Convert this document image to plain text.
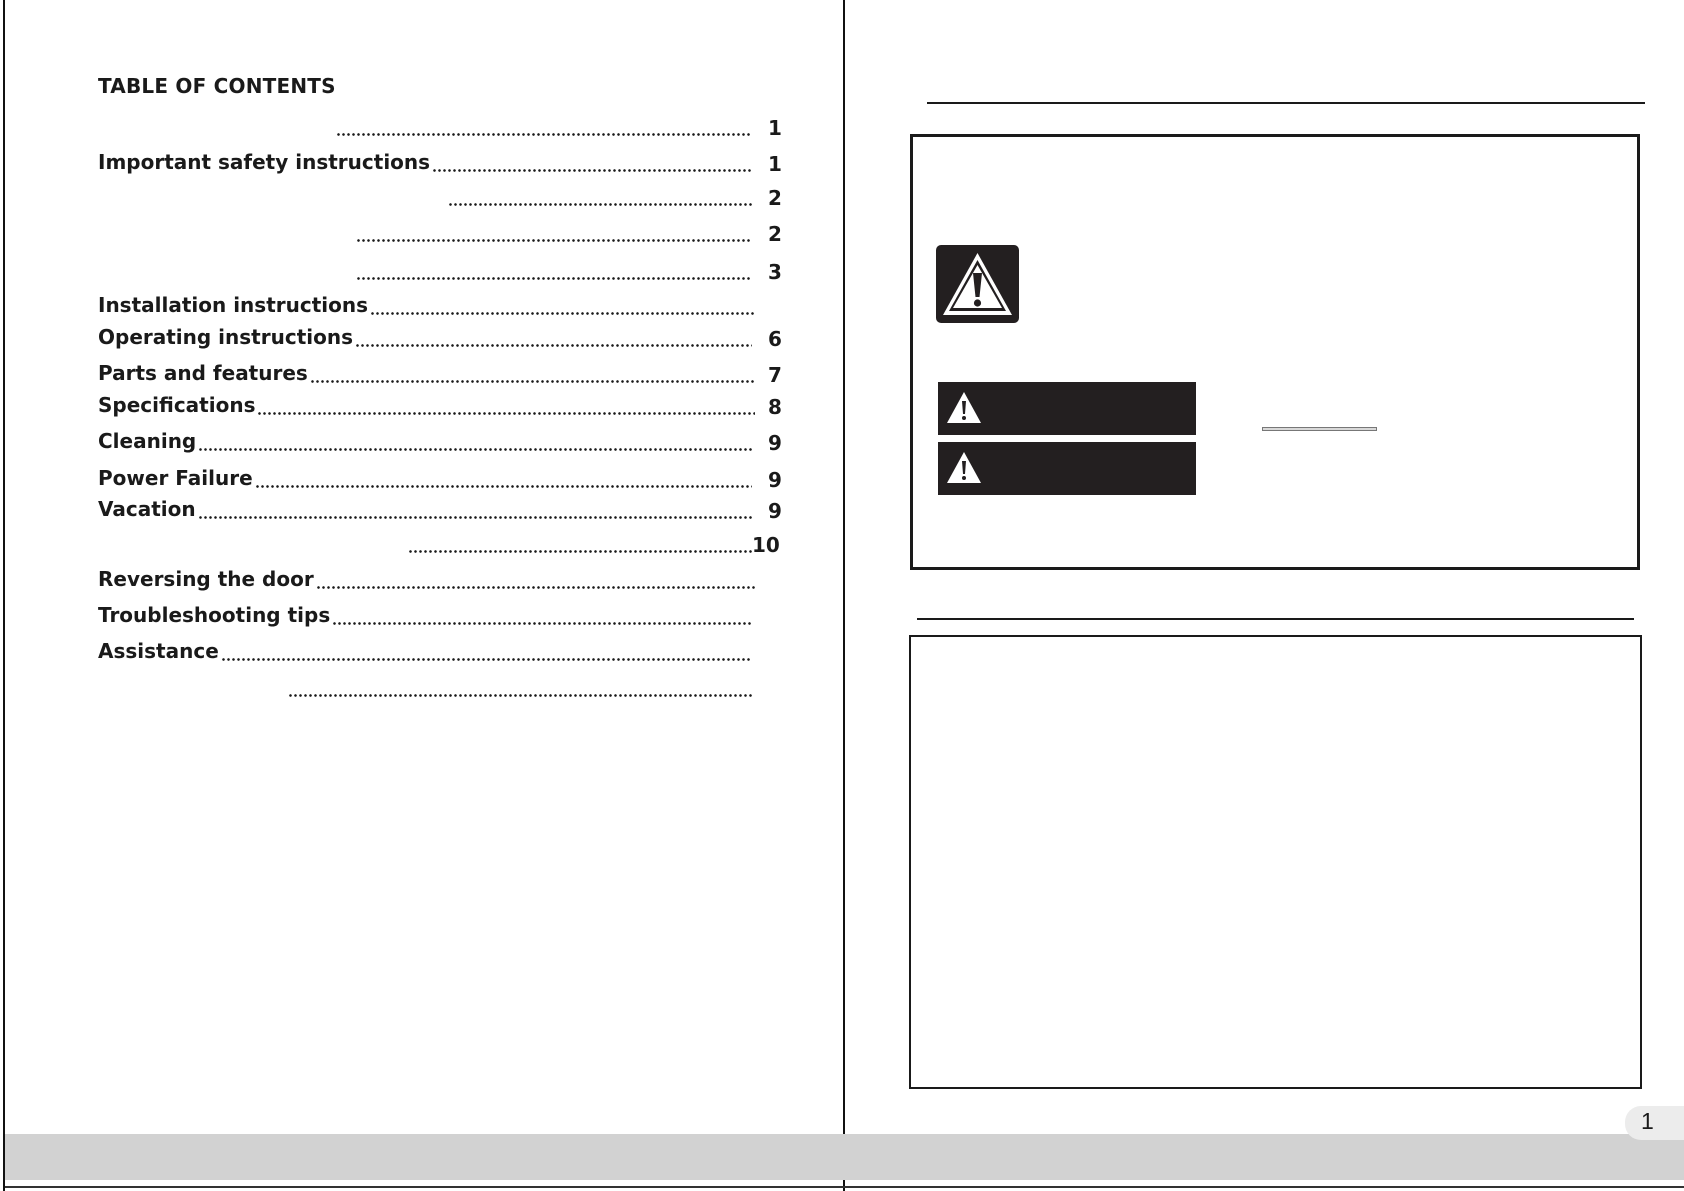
TABLE OF CONTENTS
1
Important safety instructions	1
2
2
3
Installation instructions
Operating instructions	6
Parts and features	7
Specifications	8
Cleaning	9
Power Failure	9
Vacation	9
10
Reversing the door
Troubleshooting tips
Assistance
1
